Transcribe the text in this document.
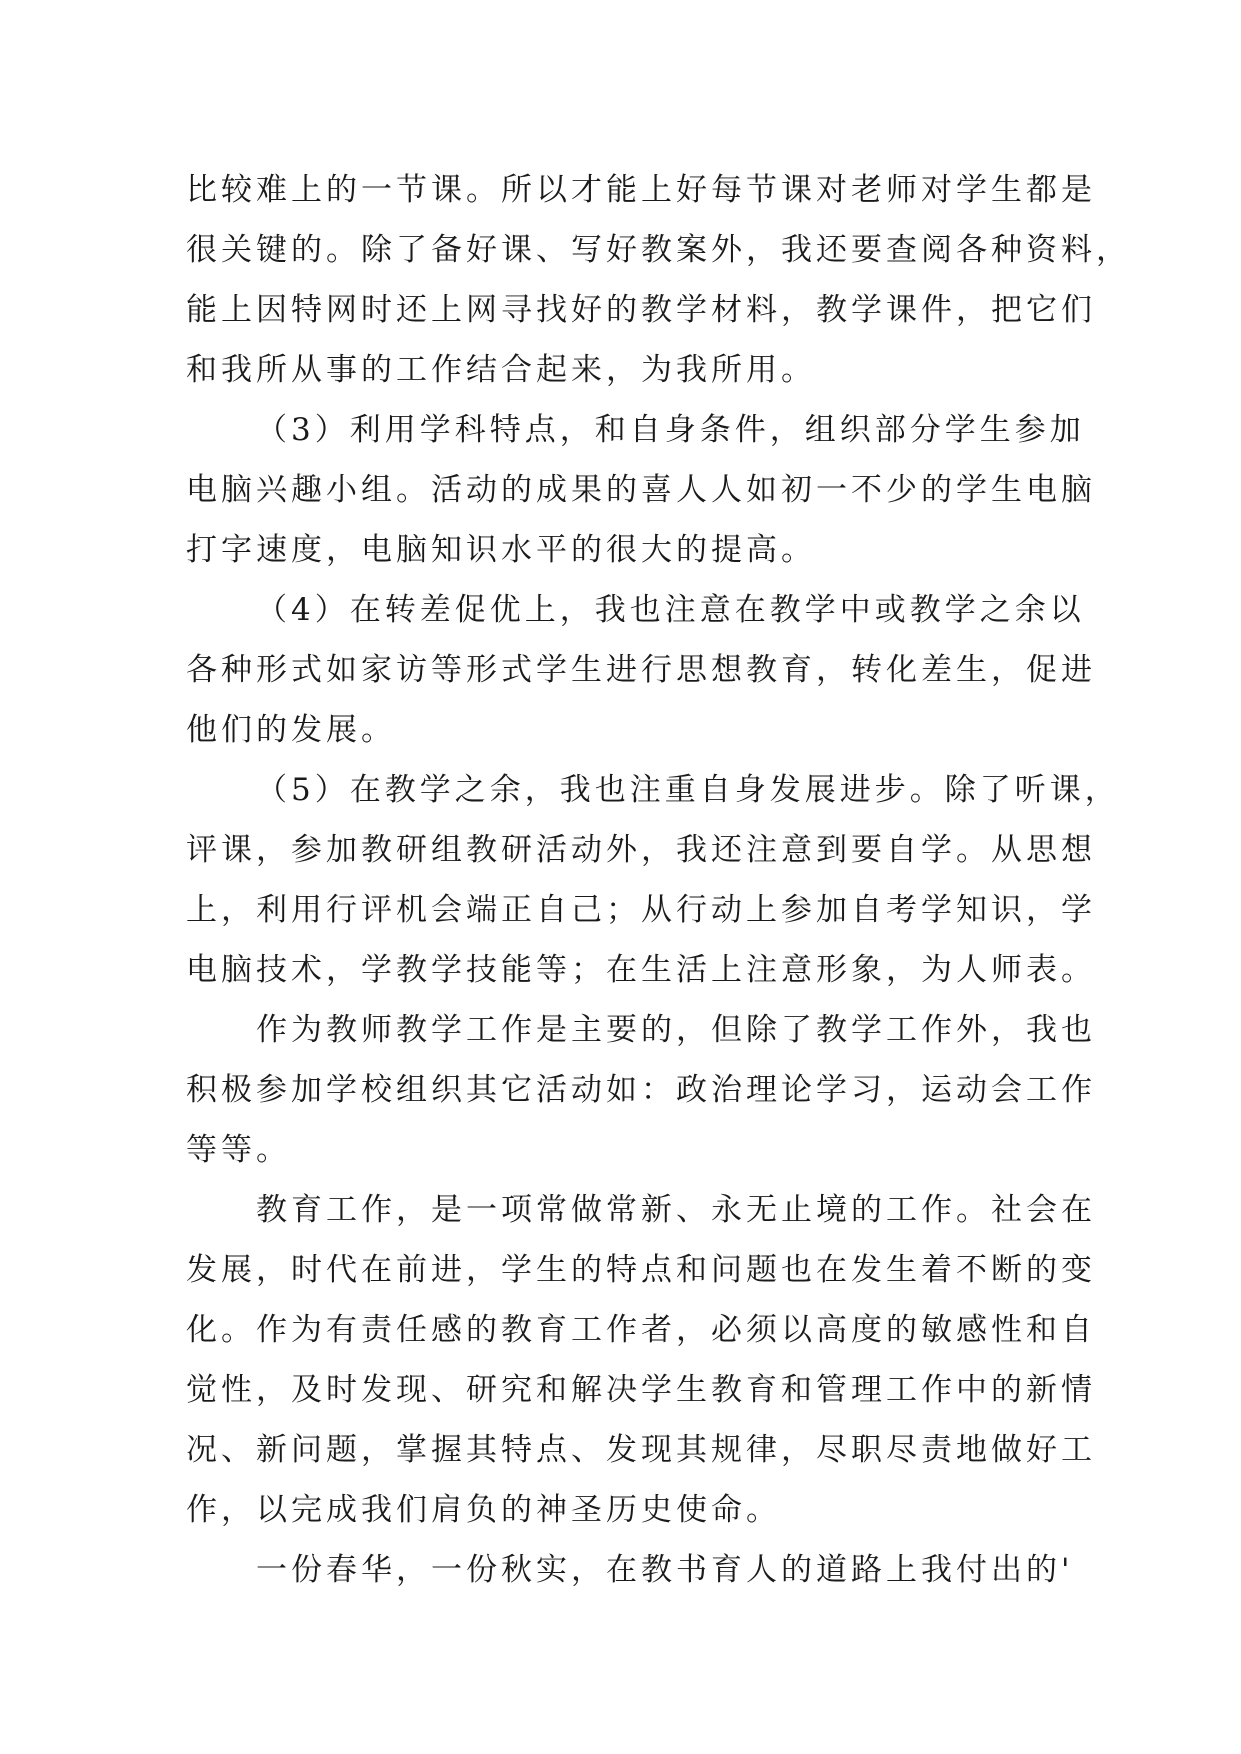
比较难上的一节课。所以才能上好每节课对老师对学生都是
很关键的。除了备好课、写好教案外，我还要查阅各种资料，
能上因特网时还上网寻找好的教学材料，教学课件，把它们
和我所从事的工作结合起来，为我所用。
（3）利用学科特点，和自身条件，组织部分学生参加
电脑兴趣小组。活动的成果的喜人人如初一不少的学生电脑
打字速度，电脑知识水平的很大的提高。
（4）在转差促优上，我也注意在教学中或教学之余以
各种形式如家访等形式学生进行思想教育，转化差生，促进
他们的发展。
（5）在教学之余，我也注重自身发展进步。除了听课，
评课，参加教研组教研活动外，我还注意到要自学。从思想
上，利用行评机会端正自己；从行动上参加自考学知识，学
电脑技术，学教学技能等；在生活上注意形象，为人师表。
作为教师教学工作是主要的，但除了教学工作外，我也
积极参加学校组织其它活动如：政治理论学习，运动会工作
等等。
教育工作，是一项常做常新、永无止境的工作。社会在
发展，时代在前进，学生的特点和问题也在发生着不断的变
化。作为有责任感的教育工作者，必须以高度的敏感性和自
觉性，及时发现、研究和解决学生教育和管理工作中的新情
况、新问题，掌握其特点、发现其规律，尽职尽责地做好工
作，以完成我们肩负的神圣历史使命。
一份春华，一份秋实，在教书育人的道路上我付出的'
